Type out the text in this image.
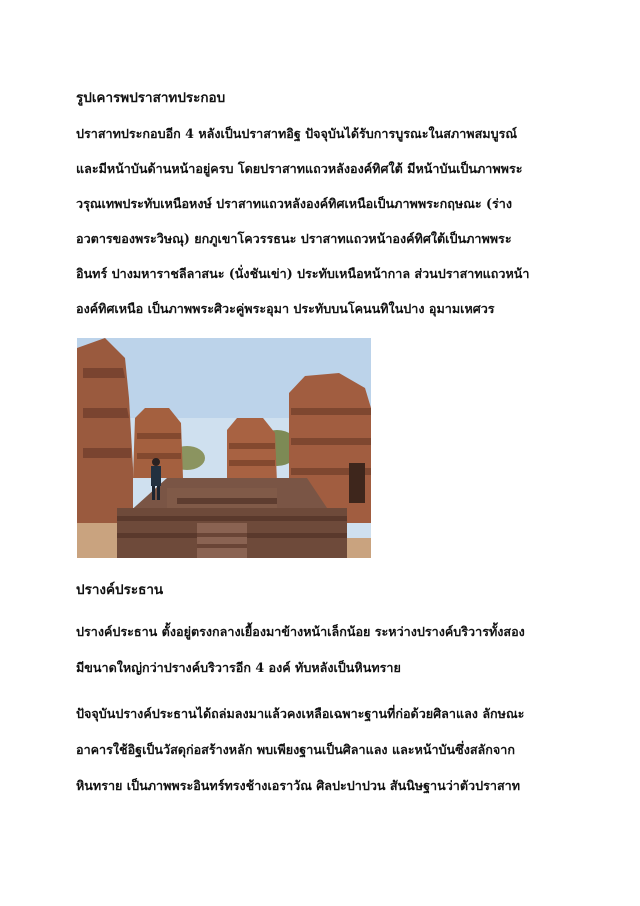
รูปเคารพปราสาทประกอบ

ปราสาทประกอบอีก 4 หลังเป็นปราสาทอิฐ ปัจจุบันได้รับการบูรณะในสภาพสมบูรณ์

และมีหน้าบันด้านหน้าอยู่ครบ โดยปราสาทแถวหลังองค์ทิศใต้ มีหน้าบันเป็นภาพพระ

วรุณเทพประทับเหนือหงษ์ ปราสาทแถวหลังองค์ทิศเหนือเป็นภาพพระกฤษณะ (ร่าง

อวตารของพระวิษณุ) ยกภูเขาโควรรธนะ ปราสาทแถวหน้าองค์ทิศใต้เป็นภาพพระ

อินทร์ ปางมหาราชลีลาสนะ (นั่งชันเข่า) ประทับเหนือหน้ากาล ส่วนปราสาทแถวหน้า

องค์ทิศเหนือ เป็นภาพพระศิวะคู่พระอุมา ประทับบนโคนนทิในปาง อุมามเหศวร

ปรางค์ประธาน

ปรางค์ประธาน ตั้งอยู่ตรงกลางเยื้องมาข้างหน้าเล็กน้อย ระหว่างปรางค์บริวารทั้งสอง

มีขนาดใหญ่กว่าปรางค์บริวารอีก 4 องค์ ทับหลังเป็นหินทราย

ปัจจุบันปรางค์ประธานได้ถล่มลงมาแล้วคงเหลือเฉพาะฐานที่ก่อด้วยศิลาแลง ลักษณะ

อาคารใช้อิฐเป็นวัสดุก่อสร้างหลัก พบเพียงฐานเป็นศิลาแลง และหน้าบันซึ่งสลักจาก

หินทราย เป็นภาพพระอินทร์ทรงช้างเอราวัณ ศิลปะปาปวน สันนิษฐานว่าตัวปราสาท
